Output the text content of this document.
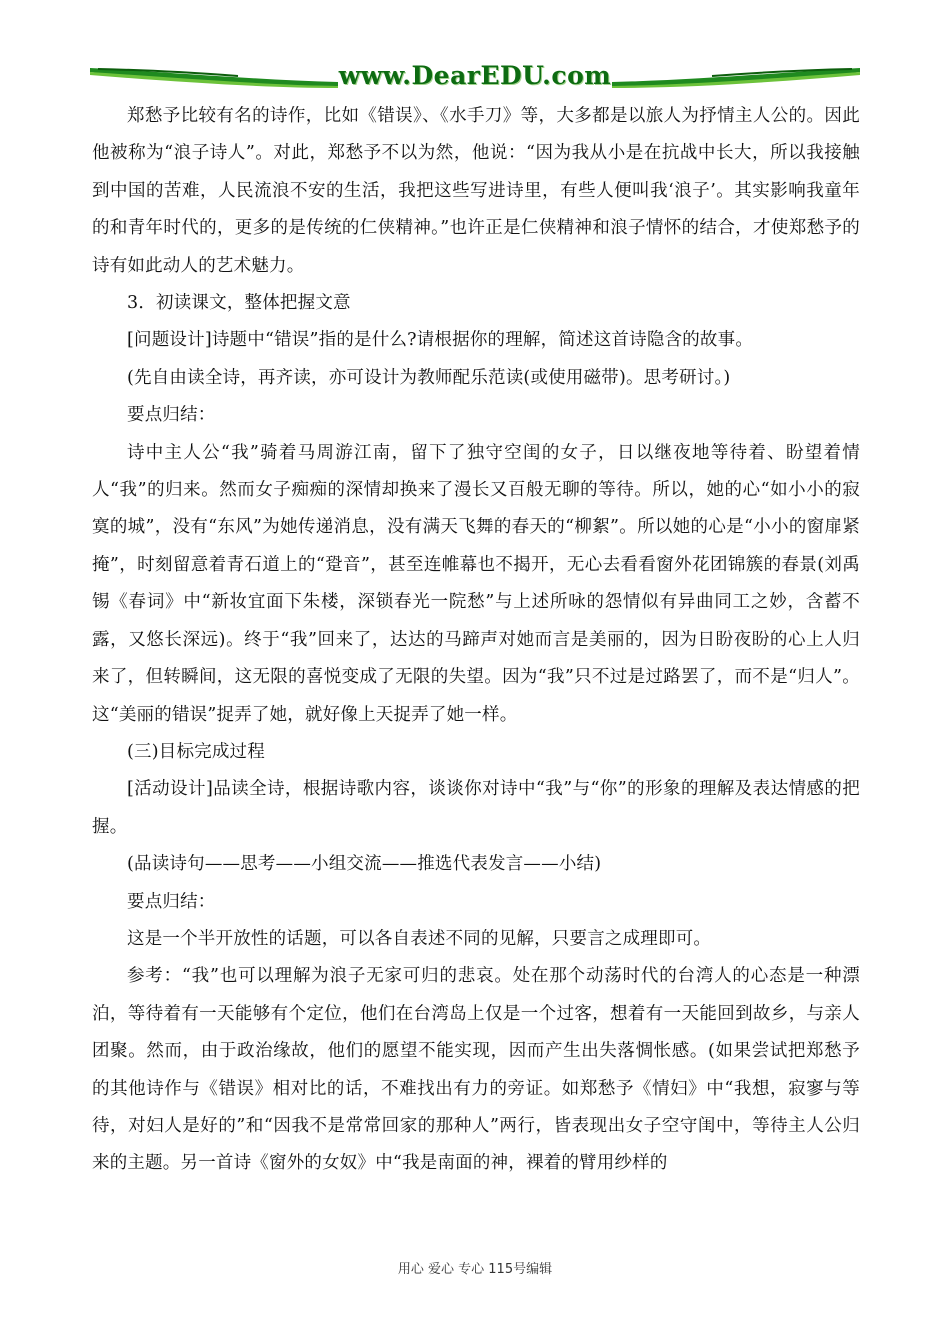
www.DearEDU.com

郑愁予比较有名的诗作，比如《错误》、《水手刀》等，大多都是以旅人为抒情主人公的。因此他被称为“浪子诗人”。对此，郑愁予不以为然，他说：“因为我从小是在抗战中长大，所以我接触到中国的苦难，人民流浪不安的生活，我把这些写进诗里，有些人便叫我‘浪子’。其实影响我童年的和青年时代的，更多的是传统的仁侠精神。”也许正是仁侠精神和浪子情怀的结合，才使郑愁予的诗有如此动人的艺术魅力。

3．初读课文，整体把握文意

[问题设计]诗题中“错误”指的是什么?请根据你的理解，简述这首诗隐含的故事。

(先自由读全诗，再齐读，亦可设计为教师配乐范读(或使用磁带)。思考研讨。)

要点归结：

诗中主人公“我”骑着马周游江南，留下了独守空闺的女子，日以继夜地等待着、盼望着情人“我”的归来。然而女子痴痴的深情却换来了漫长又百般无聊的等待。所以，她的心“如小小的寂寞的城”，没有“东风”为她传递消息，没有满天飞舞的春天的“柳絮”。所以她的心是“小小的窗扉紧掩”，时刻留意着青石道上的“跫音”，甚至连帷幕也不揭开，无心去看看窗外花团锦簇的春景(刘禹锡《春词》中“新妆宜面下朱楼，深锁春光一院愁”与上述所咏的怨情似有异曲同工之妙，含蓄不露，又悠长深远)。终于“我”回来了，达达的马蹄声对她而言是美丽的，因为日盼夜盼的心上人归来了，但转瞬间，这无限的喜悦变成了无限的失望。因为“我”只不过是过路罢了，而不是“归人”。这“美丽的错误”捉弄了她，就好像上天捉弄了她一样。

(三)目标完成过程

[活动设计]品读全诗，根据诗歌内容，谈谈你对诗中“我”与“你”的形象的理解及表达情感的把握。

(品读诗句——思考——小组交流——推选代表发言——小结)

要点归结：

这是一个半开放性的话题，可以各自表述不同的见解，只要言之成理即可。

参考：“我”也可以理解为浪子无家可归的悲哀。处在那个动荡时代的台湾人的心态是一种漂泊，等待着有一天能够有个定位，他们在台湾岛上仅是一个过客，想着有一天能回到故乡，与亲人团聚。然而，由于政治缘故，他们的愿望不能实现，因而产生出失落惆怅感。(如果尝试把郑愁予的其他诗作与《错误》相对比的话，不难找出有力的旁证。如郑愁予《情妇》中“我想，寂寥与等待，对妇人是好的”和“因我不是常常回家的那种人”两行，皆表现出女子空守闺中，等待主人公归来的主题。另一首诗《窗外的女奴》中“我是南面的神，裸着的臂用纱样的

用心 爱心 专心 115号编辑
